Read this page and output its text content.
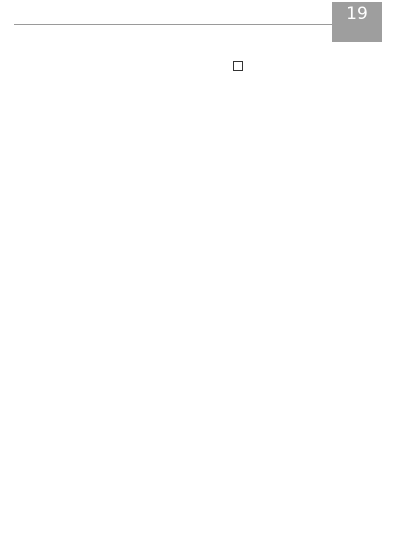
19
